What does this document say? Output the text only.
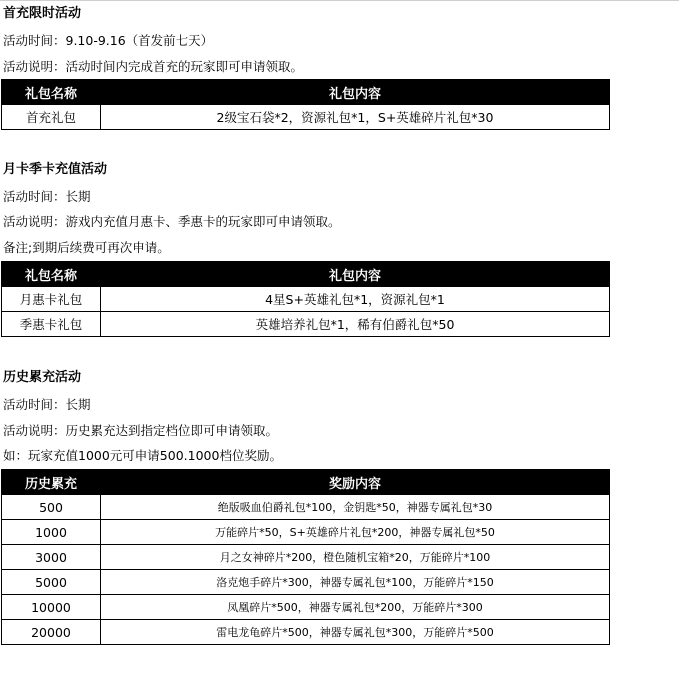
首充限时活动
活动时间：9.10-9.16（首发前七天）
活动说明：活动时间内完成首充的玩家即可申请领取。
礼包名称	礼包内容
首充礼包	2级宝石袋*2，资源礼包*1，S+英雄碎片礼包*30
月卡季卡充值活动
活动时间：长期
活动说明：游戏内充值月惠卡、季惠卡的玩家即可申请领取。
备注;到期后续费可再次申请。
礼包名称	礼包内容
月惠卡礼包	4星S+英雄礼包*1，资源礼包*1
季惠卡礼包	英雄培养礼包*1，稀有伯爵礼包*50
历史累充活动
活动时间：长期
活动说明：历史累充达到指定档位即可申请领取。
如：玩家充值1000元可申请500.1000档位奖励。
历史累充	奖励内容
500	绝版吸血伯爵礼包*100，金钥匙*50，神器专属礼包*30
1000	万能碎片*50，S+英雄碎片礼包*200，神器专属礼包*50
3000	月之女神碎片*200，橙色随机宝箱*20，万能碎片*100
5000	洛克炮手碎片*300，神器专属礼包*100，万能碎片*150
10000	凤凰碎片*500，神器专属礼包*200，万能碎片*300
20000	雷电龙龟碎片*500，神器专属礼包*300，万能碎片*500
